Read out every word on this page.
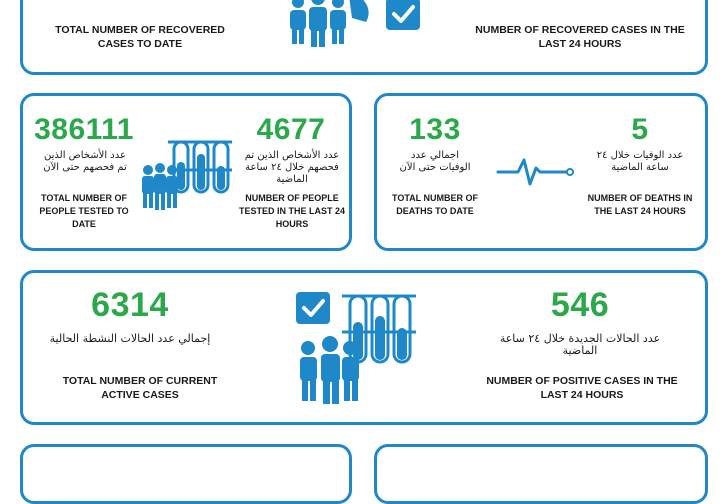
TOTAL NUMBER OF RECOVERED CASES TO DATE
NUMBER OF RECOVERED CASES IN THE LAST 24 HOURS
386111
عدد الأشخاص الذين تم فحصهم حتى الآن
TOTAL NUMBER OF PEOPLE TESTED TO DATE
4677
عدد الأشخاص الذين تم فحصهم خلال ٢٤ ساعة الماضية
NUMBER OF PEOPLE TESTED IN THE LAST 24 HOURS
133
اجمالي عدد الوفيات حتى الآن
TOTAL NUMBER OF DEATHS TO DATE
5
عدد الوفيات خلال ٢٤ ساعة الماضية
NUMBER OF DEATHS IN THE LAST 24 HOURS
6314
إجمالي عدد الحالات النشطة الحالية
TOTAL NUMBER OF CURRENT ACTIVE CASES
546
عدد الحالات الجديدة خلال ٢٤ ساعة الماضية
NUMBER OF POSITIVE CASES IN THE LAST 24 HOURS
